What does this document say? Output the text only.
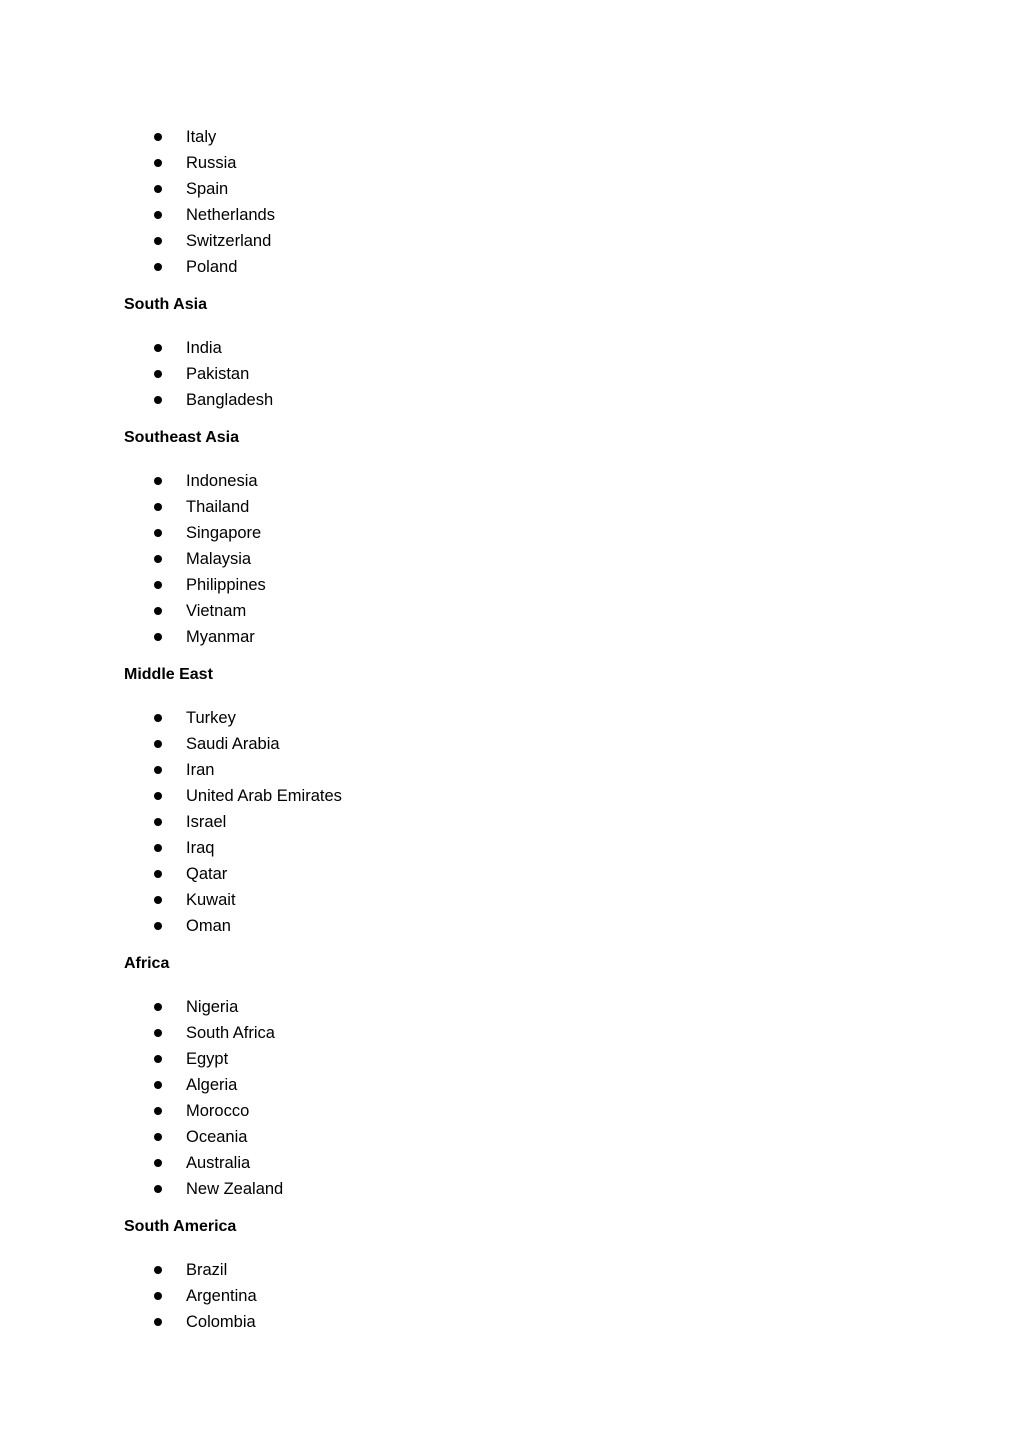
Italy
Russia
Spain
Netherlands
Switzerland
Poland

South Asia

India
Pakistan
Bangladesh

Southeast Asia

Indonesia
Thailand
Singapore
Malaysia
Philippines
Vietnam
Myanmar

Middle East

Turkey
Saudi Arabia
Iran
United Arab Emirates
Israel
Iraq
Qatar
Kuwait
Oman

Africa

Nigeria
South Africa
Egypt
Algeria
Morocco
Oceania
Australia
New Zealand

South America

Brazil
Argentina
Colombia
